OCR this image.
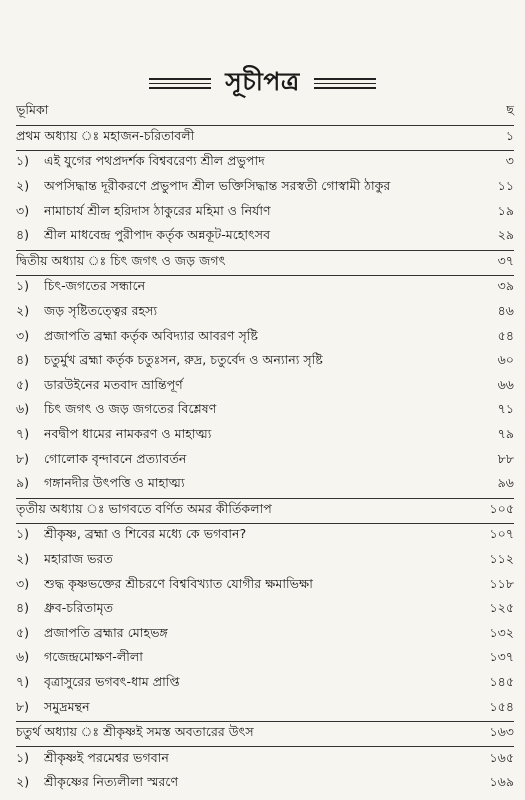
সূচীপত্র
ভূমিকা	ছ
প্রথম অধ্যায় ঃ মহাজন-চরিতাবলী	১
১)	এই যুগের পথপ্রদর্শক বিশ্ববরেণ্য শ্রীল প্রভুপাদ	৩
২)	অপসিদ্ধান্ত দূরীকরণে প্রভুপাদ শ্রীল ভক্তিসিদ্ধান্ত সরস্বতী গোস্বামী ঠাকুর	১১
৩)	নামাচার্য শ্রীল হরিদাস ঠাকুরের মহিমা ও নির্যাণ	১৯
৪)	শ্রীল মাধবেন্দ্র পুরীপাদ কর্তৃক অন্নকূট-মহোৎসব	২৯
দ্বিতীয় অধ্যায় ঃ চিৎ জগৎ ও জড় জগৎ	৩৭
১)	চিৎ-জগতের সন্ধানে	৩৯
২)	জড় সৃষ্টিতত্ত্বের রহস্য	৪৬
৩)	প্রজাপতি ব্রহ্মা কর্তৃক অবিদ্যার আবরণ সৃষ্টি	৫৪
৪)	চতুর্মুখ ব্রহ্মা কর্তৃক চতুঃসন, রুদ্র, চতুর্বেদ ও অন্যান্য সৃষ্টি	৬০
৫)	ডারউইনের মতবাদ ভ্রান্তিপূর্ণ	৬৬
৬)	চিৎ জগৎ ও জড় জগতের বিশ্লেষণ	৭১
৭)	নবদ্বীপ ধামের নামকরণ ও মাহাত্ম্য	৭৯
৮)	গোলোক বৃন্দাবনে প্রত্যাবর্তন	৮৮
৯)	গঙ্গানদীর উৎপত্তি ও মাহাত্ম্য	৯৬
তৃতীয় অধ্যায় ঃ ভাগবতে বর্ণিত অমর কীর্তিকলাপ	১০৫
১)	শ্রীকৃষ্ণ, ব্রহ্মা ও শিবের মধ্যে কে ভগবান?	১০৭
২)	মহারাজ ভরত	১১২
৩)	শুদ্ধ কৃষ্ণভক্তের শ্রীচরণে বিশ্ববিখ্যাত যোগীর ক্ষমাভিক্ষা	১১৮
৪)	ধ্রুব-চরিতামৃত	১২৫
৫)	প্রজাপতি ব্রহ্মার মোহভঙ্গ	১৩২
৬)	গজেন্দ্রমোক্ষণ-লীলা	১৩৭
৭)	বৃত্রাসুরের ভগবৎ-ধাম প্রাপ্তি	১৪৫
৮)	সমুদ্রমন্থন	১৫৪
চতুর্থ অধ্যায় ঃ শ্রীকৃষ্ণই সমস্ত অবতারের উৎস	১৬৩
১)	শ্রীকৃষ্ণই পরমেশ্বর ভগবান	১৬৫
২)	শ্রীকৃষ্ণের নিত্যলীলা স্মরণে	১৬৯
